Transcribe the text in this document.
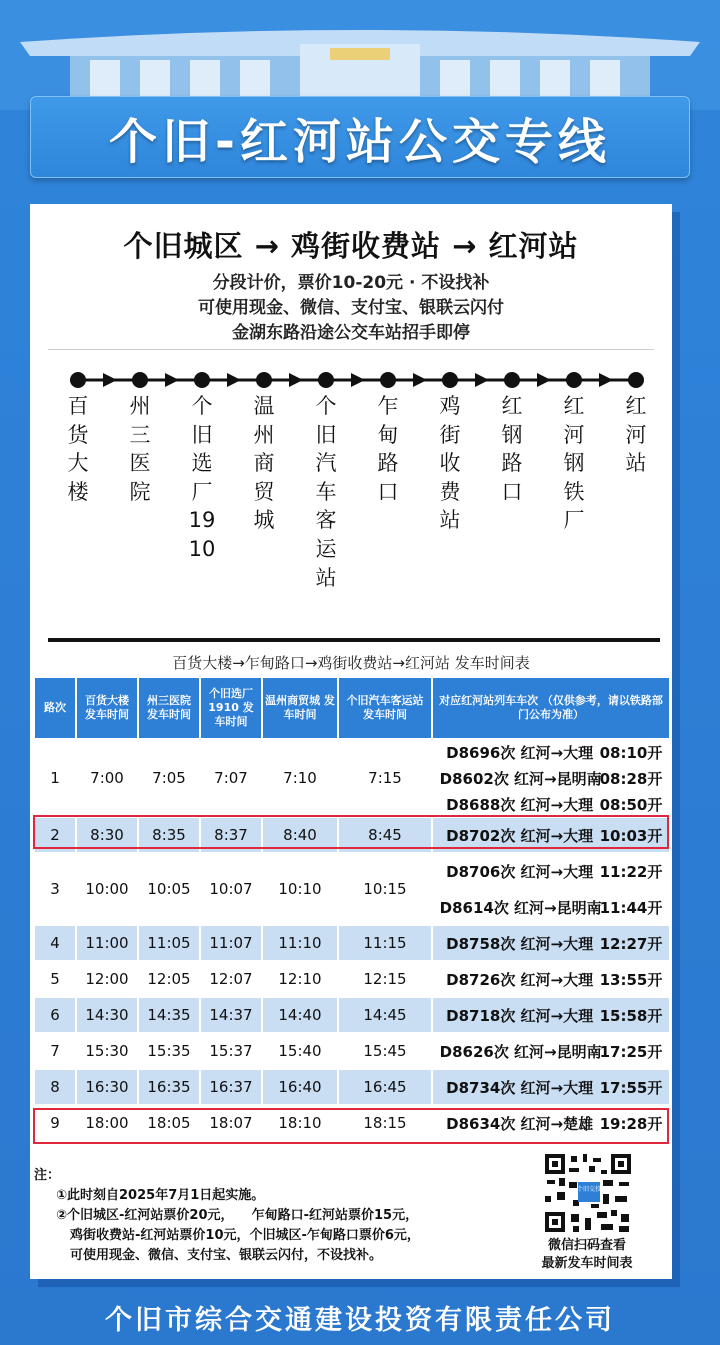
个旧-红河站公交专线
个旧城区 → 鸡街收费站 → 红河站
分段计价，票价10-20元 · 不设找补
可使用现金、微信、支付宝、银联云闪付
金湖东路沿途公交车站招手即停
百货大楼
州三医院
个旧选厂1910
温州商贸城
个旧汽车客运站
乍甸路口
鸡街收费站
红钢路口
红河钢铁厂
红河站
百货大楼→乍甸路口→鸡街收费站→红河站 发车时间表
路次	百货大楼 发车时间	州三医院 发车时间	个旧选厂 1910 发车时间	温州商贸城 发车时间	个旧汽车客运站 发车时间	对应红河站列车车次 （仅供参考，请以铁路部门公布为准）
1	7:00	7:05	7:07	7:10	7:15	D8696次 红河→大理 08:10开
						D8602次 红河→昆明南08:28开
						D8688次 红河→大理 08:50开
2	8:30	8:35	8:37	8:40	8:45	D8702次 红河→大理 10:03开
3	10:00	10:05	10:07	10:10	10:15	D8706次 红河→大理 11:22开
						D8614次 红河→昆明南11:44开
4	11:00	11:05	11:07	11:10	11:15	D8758次 红河→大理 12:27开
5	12:00	12:05	12:07	12:10	12:15	D8726次 红河→大理 13:55开
6	14:30	14:35	14:37	14:40	14:45	D8718次 红河→大理 15:58开
7	15:30	15:35	15:37	15:40	15:45	D8626次 红河→昆明南17:25开
8	16:30	16:35	16:37	16:40	16:45	D8734次 红河→大理 17:55开
9	18:00	18:05	18:07	18:10	18:15	D8634次 红河→楚雄 19:28开
注：
①此时刻自2025年7月1日起实施。
②个旧城区-红河站票价20元，    乍甸路口-红河站票价15元，
鸡街收费站-红河站票价10元，个旧城区-乍甸路口票价6元，
可使用现金、微信、支付宝、银联云闪付，不设找补。
个旧交投
微信扫码查看
最新发车时间表
个旧市综合交通建设投资有限责任公司
